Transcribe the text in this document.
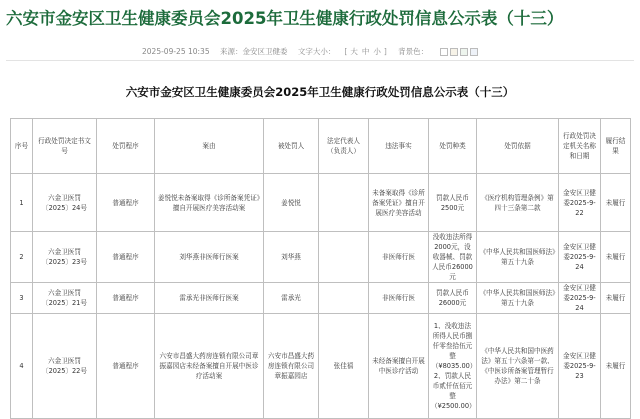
六安市金安区卫生健康委员会2025年卫生健康行政处罚信息公示表（十三）
2025-09-25 10:35 来源：金安区卫健委 文字大小： [ 大 中 小 ] 背景色：
六安市金安区卫生健康委员会2025年卫生健康行政处罚信息公示表（十三）
序号	行政处罚决定书文号	处罚程序	案由	被处罚人	法定代表人（负责人）	违法事实	处罚种类	处罚依据	行政处罚决定机关名称和日期	履行结果
1	六金卫医罚〔2025〕24号	普通程序	姜悦悦未备案取得《诊所备案凭证》擅自开展医疗美容活动案	姜悦悦		未备案取得《诊所备案凭证》擅自开展医疗美容活动	罚款人民币2500元	《医疗机构管理条例》第四十三条第二款	金安区卫健委2025-9-22	未履行
2	六金卫医罚〔2025〕23号	普通程序	刘华燕非医师行医案	刘华燕		非医师行医	没收违法所得2000元，没收器械、罚款人民币26000元	《中华人民共和国医师法》第五十九条	金安区卫健委2025-9-24	未履行
3	六金卫医罚〔2025〕21号	普通程序	雷承光非医师行医案	雷承光		非医师行医	罚款人民币26000元	《中华人民共和国医师法》第五十九条	金安区卫健委2025-9-24	未履行
4	六金卫医罚〔2025〕22号	普通程序	六安市昌盛大药房连锁有限公司章振嘉园店未经备案擅自开展中医诊疗活动案	六安市昌盛大药房连锁有限公司章振嘉园店	张佳禧	未经备案擅自开展中医诊疗活动	1、没收违法所得人民币捌仟零叁拾伍元整（¥8035.00）2、罚款人民币贰仟伍佰元整（¥2500.00）	《中华人民共和国中医药法》第五十六条第一款、《中医诊所备案管理暂行办法》第二十条	金安区卫健委2025-9-23	未履行
